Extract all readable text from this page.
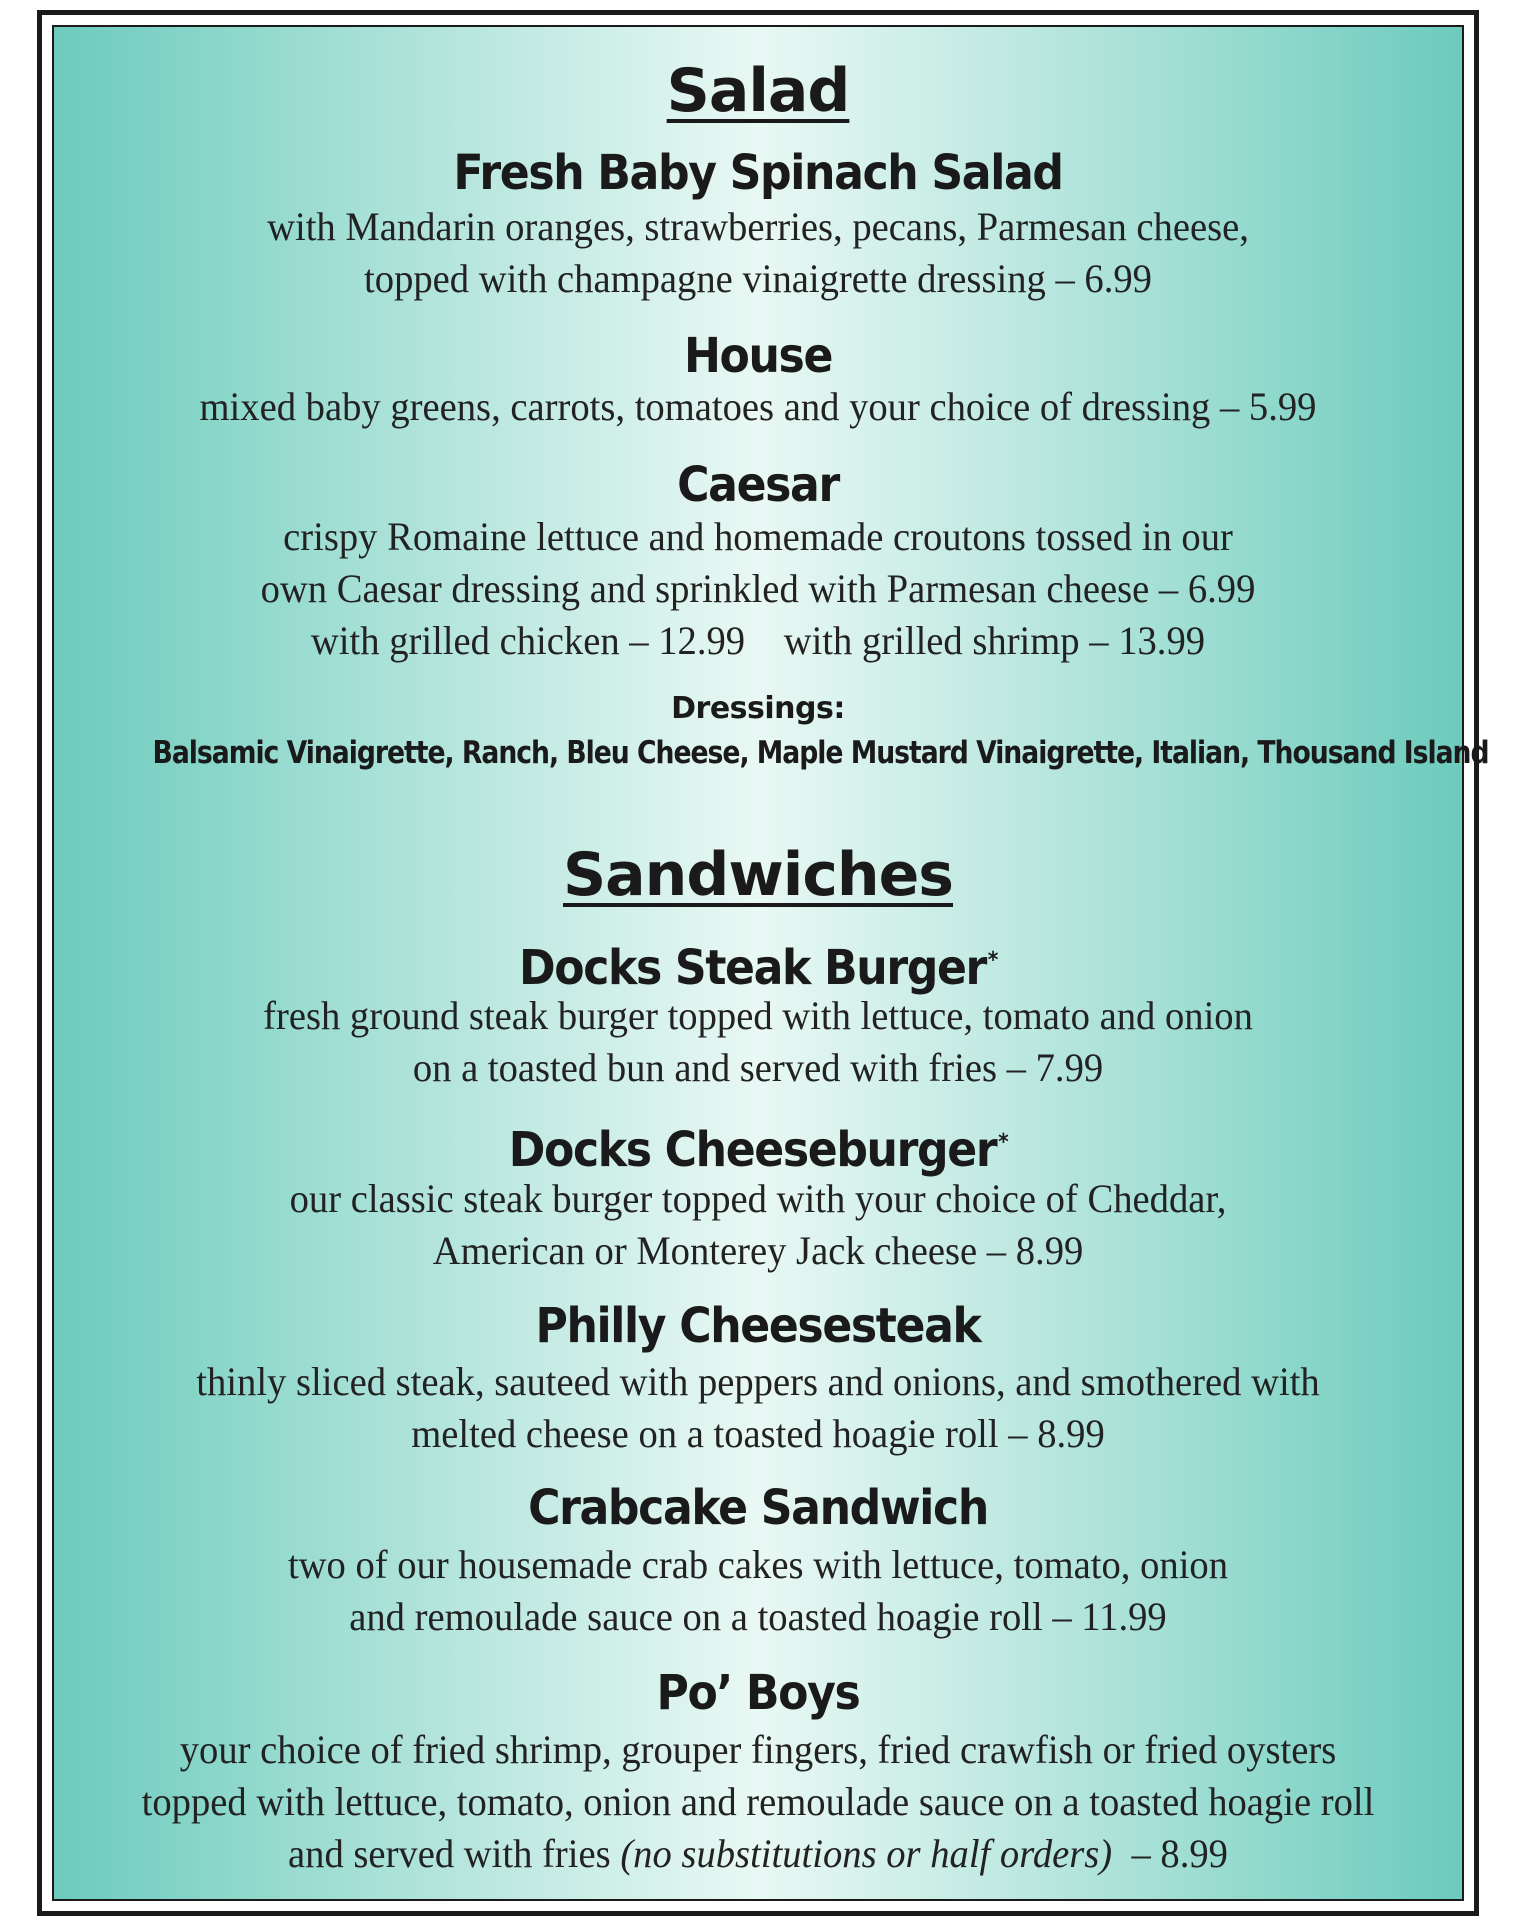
Salad
Fresh Baby Spinach Salad
with Mandarin oranges, strawberries, pecans, Parmesan cheese,
topped with champagne vinaigrette dressing – 6.99
House
mixed baby greens, carrots, tomatoes and your choice of dressing – 5.99
Caesar
crispy Romaine lettuce and homemade croutons tossed in our
own Caesar dressing and sprinkled with Parmesan cheese – 6.99
with grilled chicken – 12.99 with grilled shrimp – 13.99
Dressings:
Balsamic Vinaigrette, Ranch, Bleu Cheese, Maple Mustard Vinaigrette, Italian, Thousand Island
Sandwiches
Docks Steak Burger*
fresh ground steak burger topped with lettuce, tomato and onion
on a toasted bun and served with fries – 7.99
Docks Cheeseburger*
our classic steak burger topped with your choice of Cheddar,
American or Monterey Jack cheese – 8.99
Philly Cheesesteak
thinly sliced steak, sauteed with peppers and onions, and smothered with
melted cheese on a toasted hoagie roll – 8.99
Crabcake Sandwich
two of our housemade crab cakes with lettuce, tomato, onion
and remoulade sauce on a toasted hoagie roll – 11.99
Po’ Boys
your choice of fried shrimp, grouper fingers, fried crawfish or fried oysters
topped with lettuce, tomato, onion and remoulade sauce on a toasted hoagie roll
and served with fries (no substitutions or half orders)  – 8.99
